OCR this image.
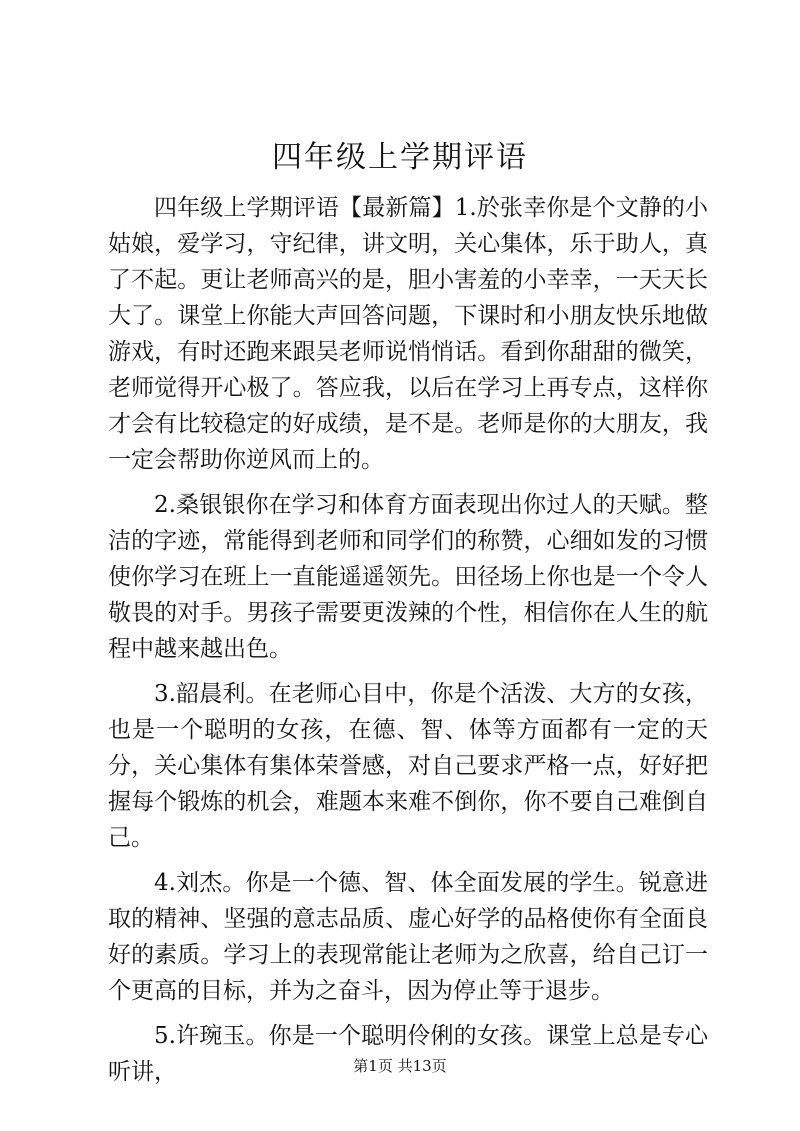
四年级上学期评语

四年级上学期评语【最新篇】1.於张幸你是个文静的小姑娘，爱学习，守纪律，讲文明，关心集体，乐于助人，真了不起。更让老师高兴的是，胆小害羞的小幸幸，一天天长大了。课堂上你能大声回答问题，下课时和小朋友快乐地做游戏，有时还跑来跟吴老师说悄悄话。看到你甜甜的微笑，老师觉得开心极了。答应我，以后在学习上再专点，这样你才会有比较稳定的好成绩，是不是。老师是你的大朋友，我一定会帮助你逆风而上的。

2.桑银银你在学习和体育方面表现出你过人的天赋。整洁的字迹，常能得到老师和同学们的称赞，心细如发的习惯使你学习在班上一直能遥遥领先。田径场上你也是一个令人敬畏的对手。男孩子需要更泼辣的个性，相信你在人生的航程中越来越出色。

3.韶晨利。在老师心目中，你是个活泼、大方的女孩，也是一个聪明的女孩，在德、智、体等方面都有一定的天分，关心集体有集体荣誉感，对自己要求严格一点，好好把握每个锻炼的机会，难题本来难不倒你，你不要自己难倒自己。

4.刘杰。你是一个德、智、体全面发展的学生。锐意进取的精神、坚强的意志品质、虚心好学的品格使你有全面良好的素质。学习上的表现常能让老师为之欣喜，给自己订一个更高的目标，并为之奋斗，因为停止等于退步。

5.许琬玉。你是一个聪明伶俐的女孩。课堂上总是专心听讲，	第1页 共13页
